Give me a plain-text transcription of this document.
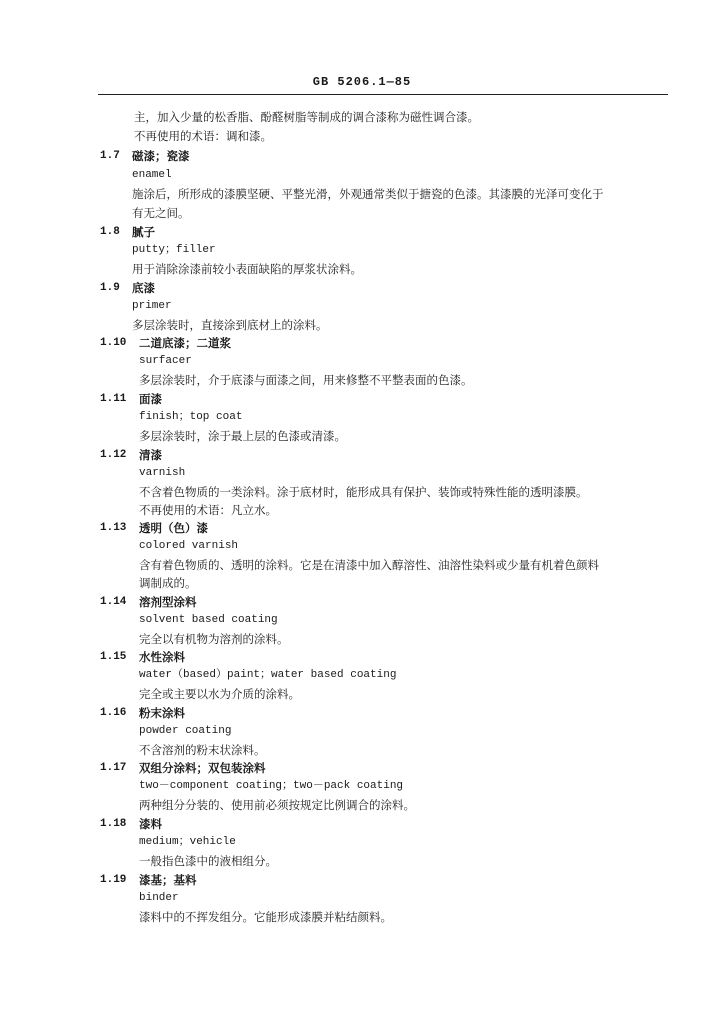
GB 5206.1—85
主，加入少量的松香脂、酚醛树脂等制成的调合漆称为磁性调合漆。
不再使用的术语：调和漆。
1.7 磁漆；瓷漆
enamel
施涂后，所形成的漆膜坚硬、平整光滑，外观通常类似于搪瓷的色漆。其漆膜的光泽可变化于
有无之间。
1.8 腻子
putty；filler
用于消除涂漆前较小表面缺陷的厚浆状涂料。
1.9 底漆
primer
多层涂装时，直接涂到底材上的涂料。
1.10 二道底漆；二道浆
surfacer
多层涂装时，介于底漆与面漆之间，用来修整不平整表面的色漆。
1.11 面漆
finish；top coat
多层涂装时，涂于最上层的色漆或清漆。
1.12 清漆
varnish
不含着色物质的一类涂料。涂于底材时，能形成具有保护、装饰或特殊性能的透明漆膜。
不再使用的术语：凡立水。
1.13 透明（色）漆
colored varnish
含有着色物质的、透明的涂料。它是在清漆中加入醇溶性、油溶性染料或少量有机着色颜料
调制成的。
1.14 溶剂型涂料
solvent based coating
完全以有机物为溶剂的涂料。
1.15 水性涂料
water（based）paint；water based coating
完全或主要以水为介质的涂料。
1.16 粉末涂料
powder coating
不含溶剂的粉末状涂料。
1.17 双组分涂料；双包装涂料
two－component coating；two－pack coating
两种组分分装的、使用前必须按规定比例调合的涂料。
1.18 漆料
medium；vehicle
一般指色漆中的液相组分。
1.19 漆基；基料
binder
漆料中的不挥发组分。它能形成漆膜并粘结颜料。
